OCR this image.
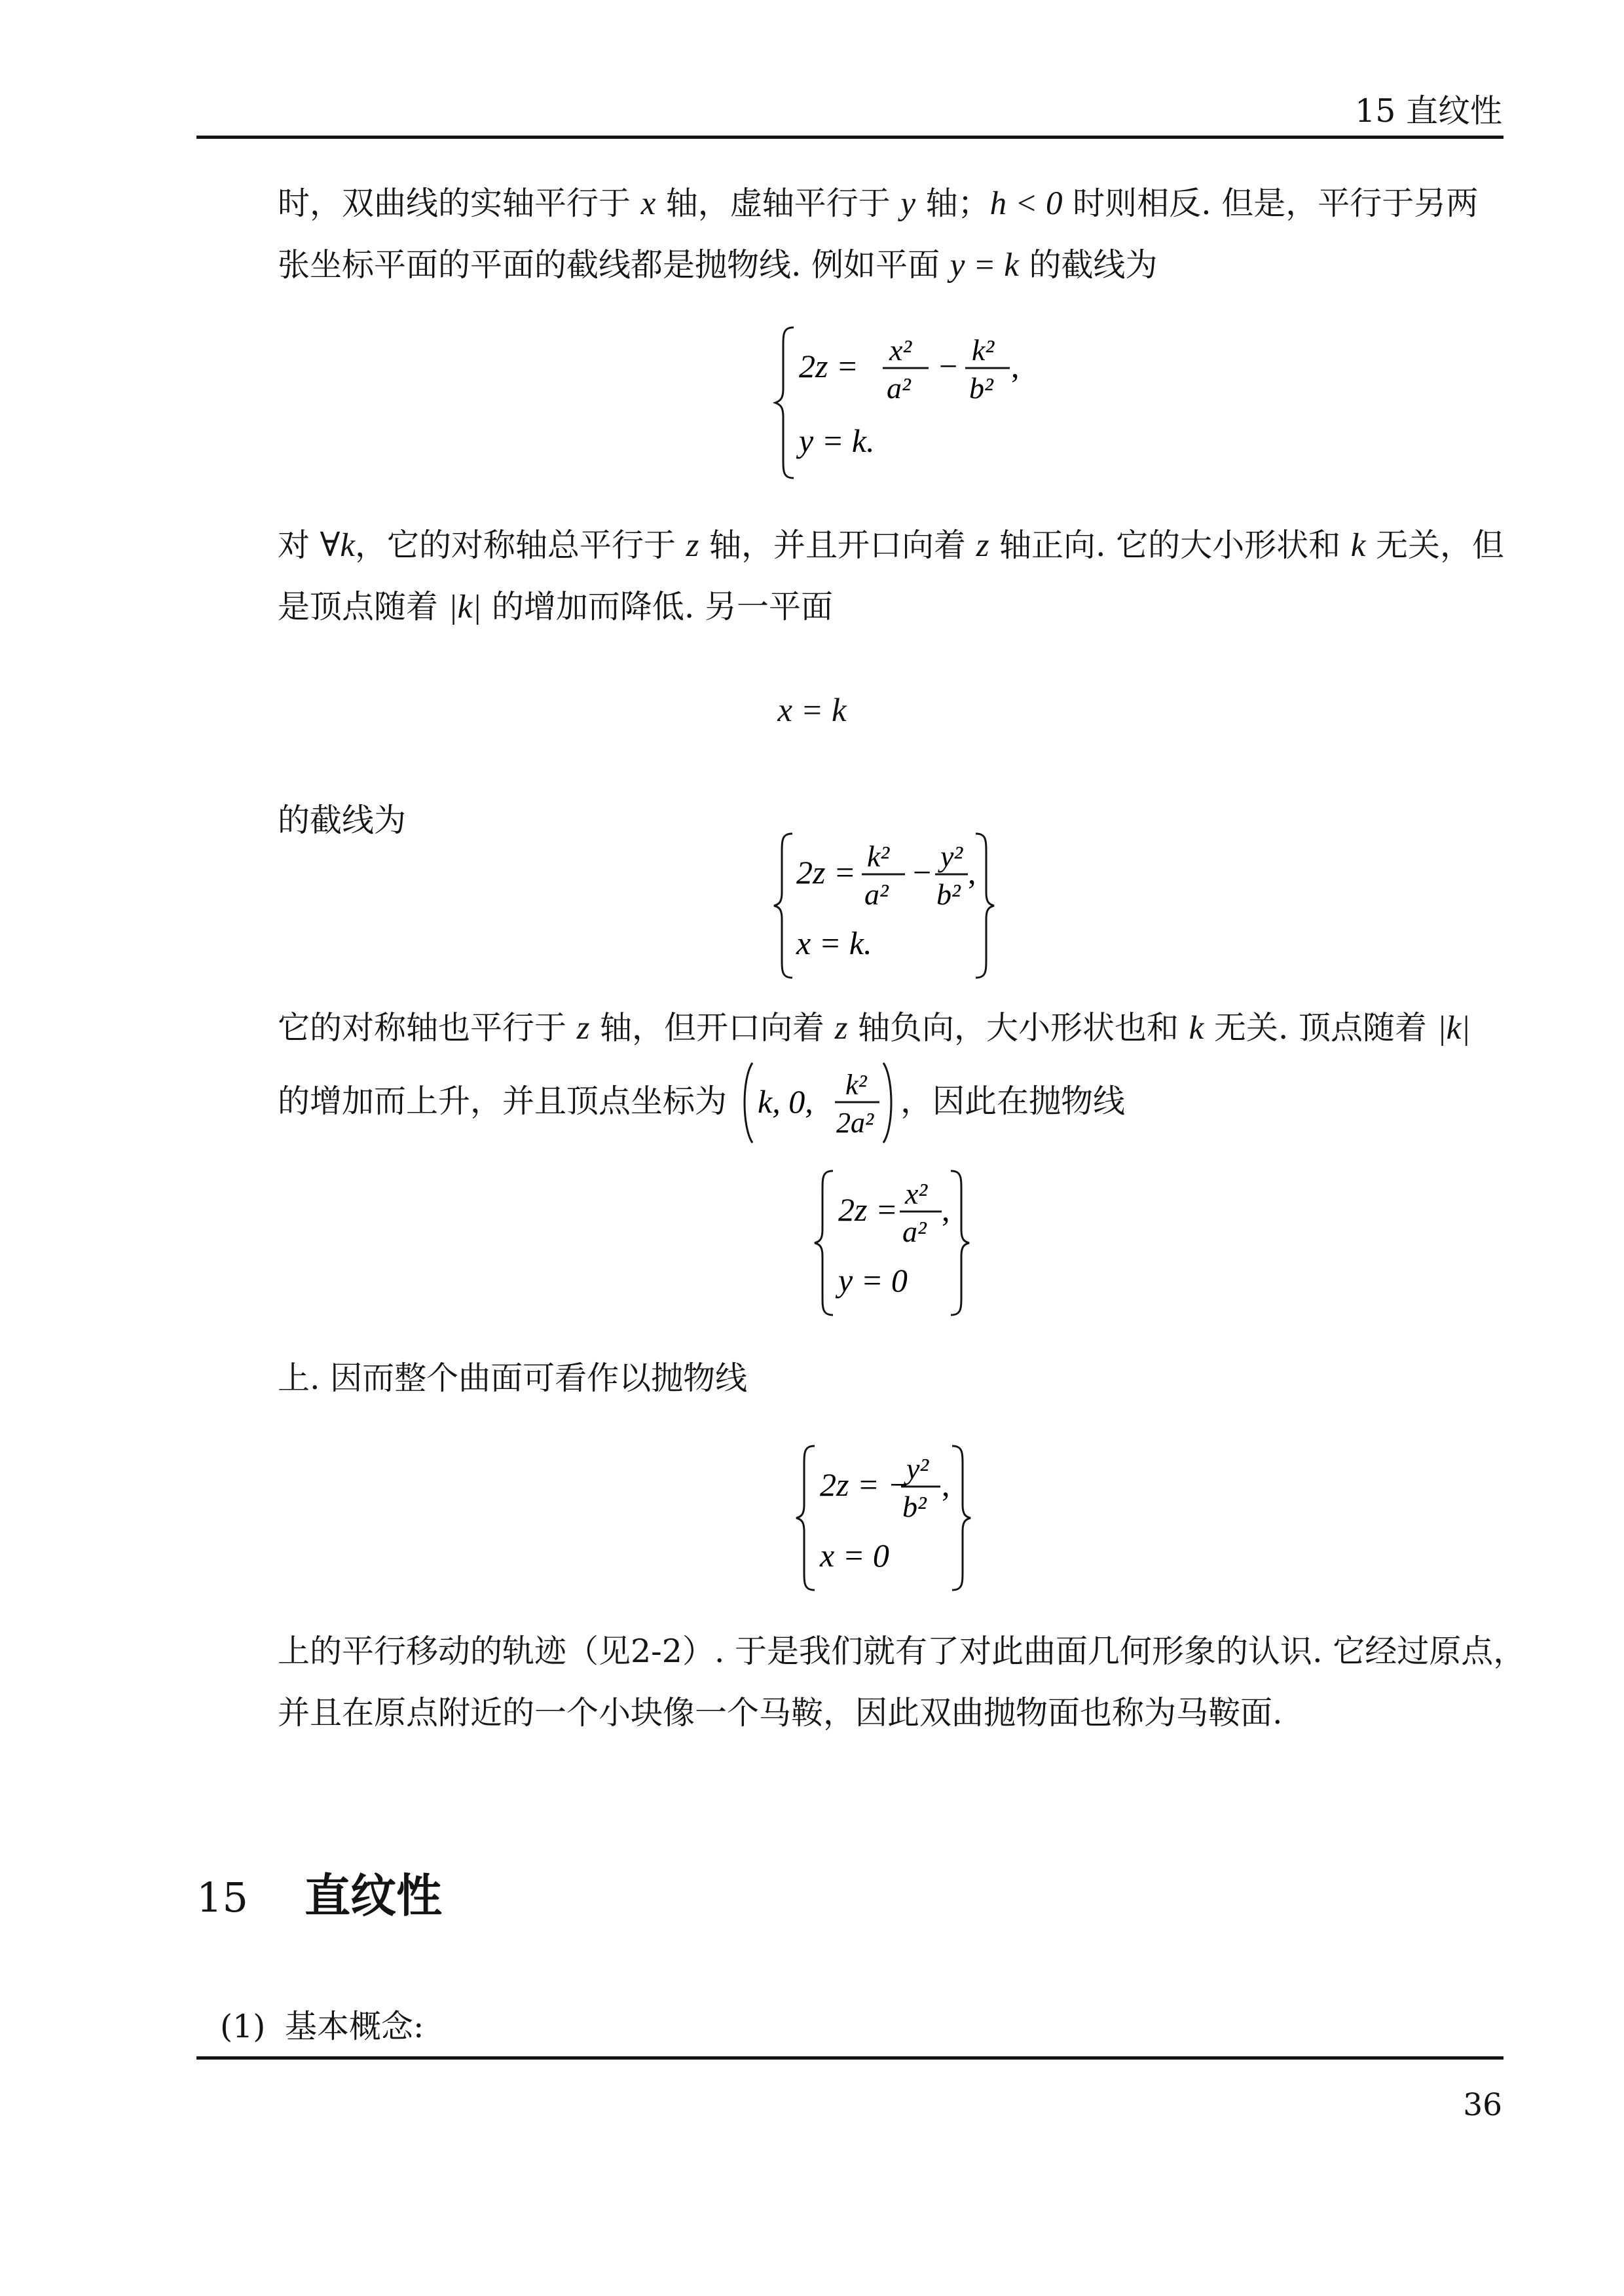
15 直纹性
时，双曲线的实轴平行于 x 轴，虚轴平行于 y 轴；h < 0 时则相反. 但是，平行于另两
张坐标平面的平面的截线都是抛物线. 例如平面 y = k 的截线为
2z = x²
a²
− k²
b²
,
y = k.
对 ∀k，它的对称轴总平行于 z 轴，并且开口向着 z 轴正向. 它的大小形状和 k 无关，但
是顶点随着 |k| 的增加而降低. 另一平面
x = k
的截线为
2z = k²
a²
− y²
b²
,
x = k.
它的对称轴也平行于 z 轴，但开口向着 z 轴负向，大小形状也和 k 无关. 顶点随着 |k|
的增加而上升，并且顶点坐标为 k, 0, k²
2a²
，因此在抛物线
2z = x²
a²
,
y = 0
上. 因而整个曲面可看作以抛物线
2z = −
y²
b²
,
x = 0
上的平行移动的轨迹（见2-2）. 于是我们就有了对此曲面几何形象的认识. 它经过原点，
并且在原点附近的一个小块像一个马鞍，因此双曲抛物面也称为马鞍面.
15 直纹性
(1) 基本概念:
36
